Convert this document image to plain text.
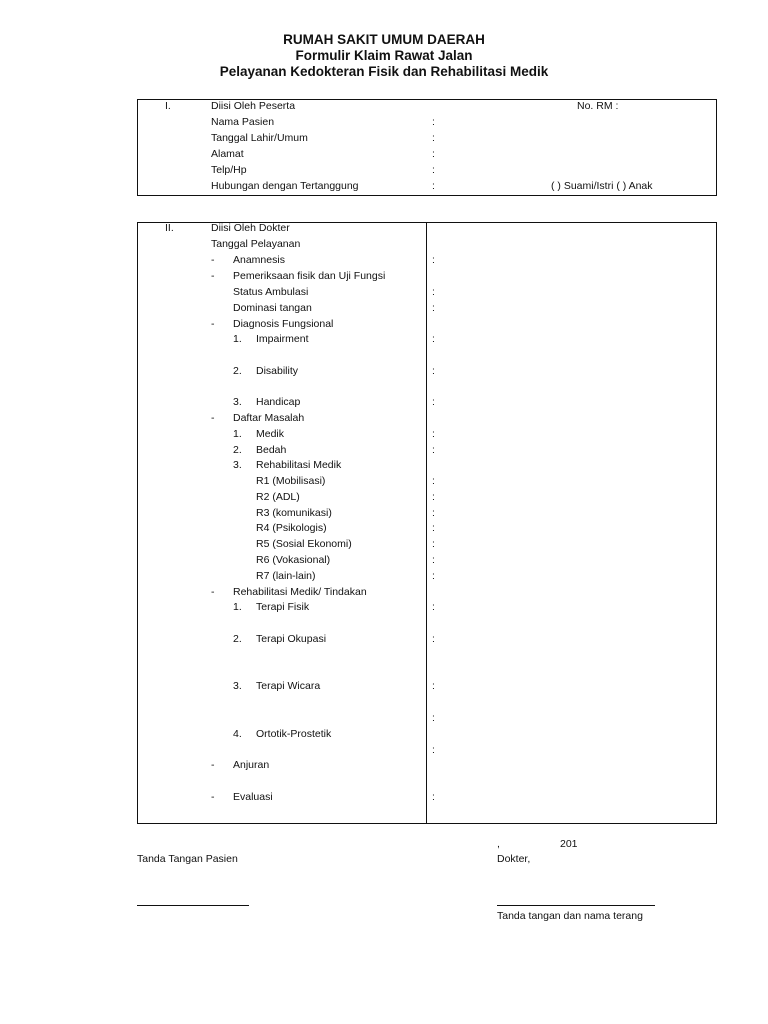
RUMAH SAKIT UMUM DAERAH
Formulir Klaim Rawat Jalan
Pelayanan Kedokteran Fisik dan Rehabilitasi Medik
I.	Diisi Oleh Peserta	No. RM :
Nama Pasien	:
Tanggal Lahir/Umum	:
Alamat	:
Telp/Hp	:
Hubungan dengan Tertanggung	:	( ) Suami/Istri ( ) Anak
II.	Diisi Oleh Dokter
Tanggal Pelayanan
- Anamnesis	:
- Pemeriksaan fisik dan Uji Fungsi
Status Ambulasi	:
Dominasi tangan	:
- Diagnosis Fungsional
1. Impairment	:
2. Disability	:
3. Handicap	:
- Daftar Masalah
1. Medik	:
2. Bedah	:
3. Rehabilitasi Medik
R1 (Mobilisasi)	:
R2 (ADL)	:
R3 (komunikasi)	:
R4 (Psikologis)	:
R5 (Sosial Ekonomi)	:
R6 (Vokasional)	:
R7 (lain-lain)	:
- Rehabilitasi Medik/ Tindakan
1. Terapi Fisik	:
2. Terapi Okupasi	:
3. Terapi Wicara	:
:
4. Ortotik-Prostetik
:
- Anjuran
- Evaluasi	:
,	201
Tanda Tangan Pasien	Dokter,
Tanda tangan dan nama terang
